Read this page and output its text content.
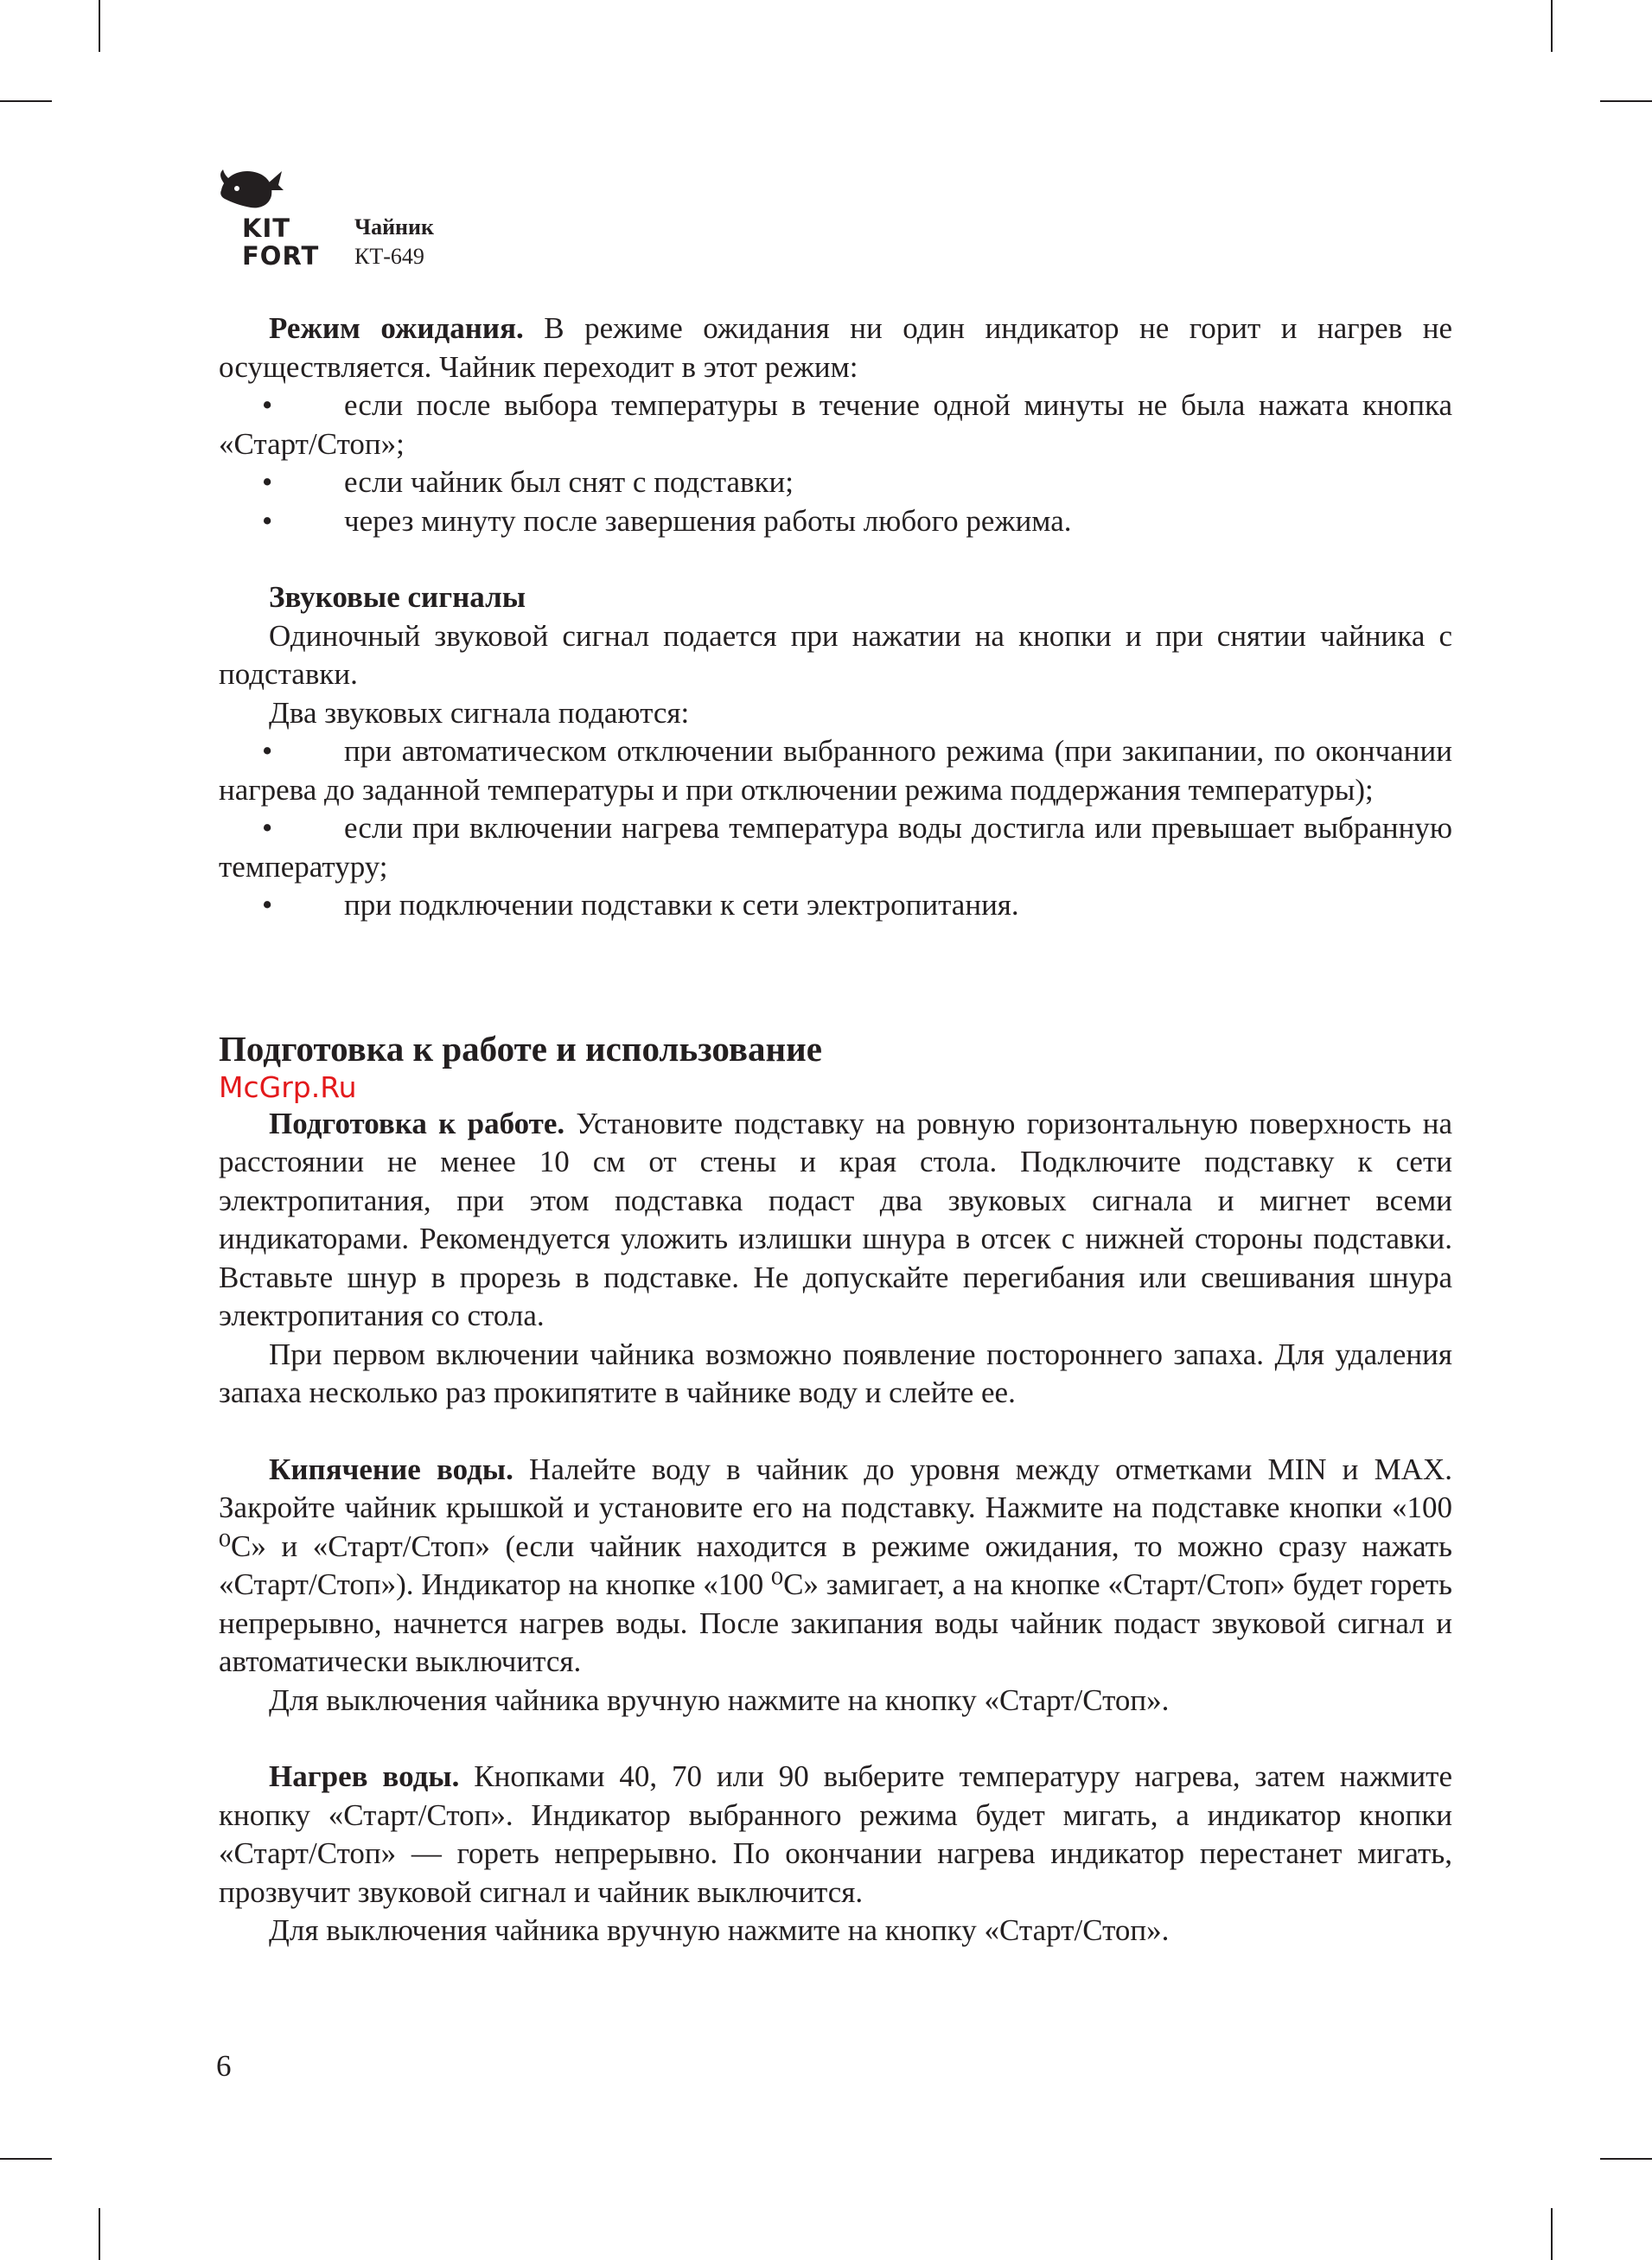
KIT
FORT
Чайник
КТ-649

Режим ожидания. В режиме ожидания ни один индикатор не горит и нагрев не осуществляется. Чайник переходит в этот режим:

•	если после выбора температуры в течение одной минуты не была нажата кнопка «Старт/Стоп»;
•	если чайник был снят с подставки;
•	через минуту после завершения работы любого режима.

Звуковые сигналы

Одиночный звуковой сигнал подается при нажатии на кнопки и при снятии чайника с подставки.

Два звуковых сигнала подаются:

•	при автоматическом отключении выбранного режима (при закипании, по окончании нагрева до заданной температуры и при отключении режима поддержания температуры);
•	если при включении нагрева температура воды достигла или превышает выбранную температуру;
•	при подключении подставки к сети электропитания.

Подготовка к работе и использование

McGrp.Ru

Подготовка к работе. Установите подставку на ровную горизонтальную поверхность на расстоянии не менее 10 см от стены и края стола. Подключите подставку к сети электропитания, при этом подставка подаст два звуковых сигнала и мигнет всеми индикаторами. Рекомендуется уложить излишки шнура в отсек с нижней стороны подставки. Вставьте шнур в прорезь в подставке. Не допускайте перегибания или свешивания шнура электропитания со стола.

При первом включении чайника возможно появление постороннего запаха. Для удаления запаха несколько раз прокипятите в чайнике воду и слейте ее.

Кипячение воды. Налейте воду в чайник до уровня между отметками MIN и MAX. Закройте чайник крышкой и установите его на подставку. Нажмите на подставке кнопки «100 ⁰С» и «Старт/Стоп» (если чайник находится в режиме ожидания, то можно сразу нажать «Старт/Стоп»). Индикатор на кнопке «100 ⁰С» замигает, а на кнопке «Старт/Стоп» будет гореть непрерывно, начнется нагрев воды. После закипания воды чайник подаст звуковой сигнал и автоматически выключится.

Для выключения чайника вручную нажмите на кнопку «Старт/Стоп».

Нагрев воды. Кнопками 40, 70 или 90 выберите температуру нагрева, затем нажмите кнопку «Старт/Стоп». Индикатор выбранного режима будет мигать, а индикатор кнопки «Старт/Стоп» — гореть непрерывно. По окончании нагрева индикатор перестанет мигать, прозвучит звуковой сигнал и чайник выключится.

Для выключения чайника вручную нажмите на кнопку «Старт/Стоп».

6
